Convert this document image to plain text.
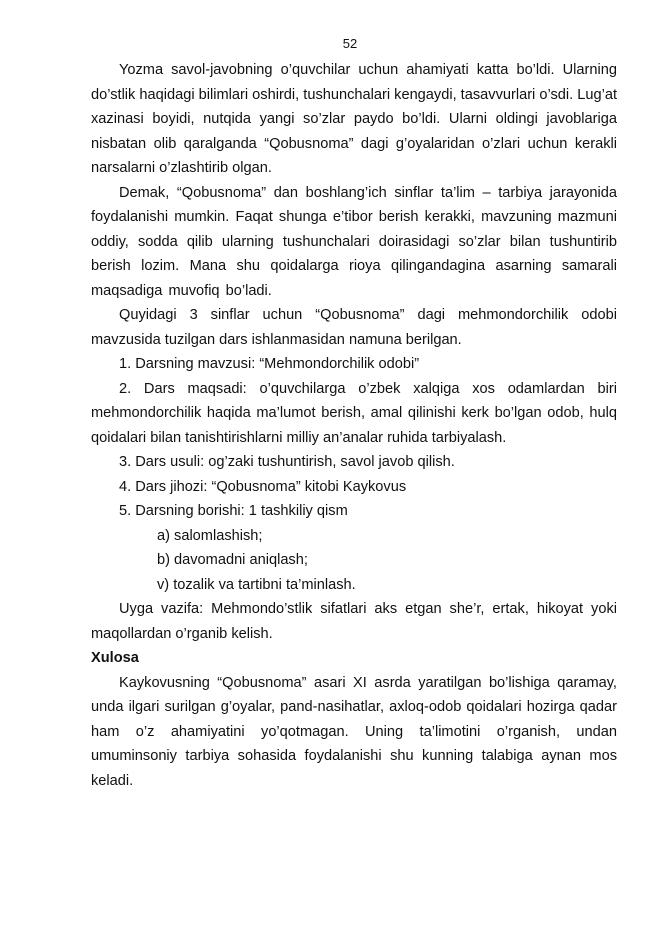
52

Yozma savol-javobning o’quvchilar uchun ahamiyati katta bo’ldi. Ularning do’stlik haqidagi bilimlari oshirdi, tushunchalari kengaydi, tasavvurlari o’sdi. Lug’at xazinasi boyidi, nutqida yangi so’zlar paydo bo’ldi. Ularni oldingi javoblariga nisbatan olib qaralganda “Qobusnoma” dagi g’oyalaridan o’zlari uchun kerakli narsalarni o’zlashtirib olgan.

Demak, “Qobusnoma” dan boshlang’ich sinflar ta’lim – tarbiya jarayonida foydalanishi mumkin. Faqat shunga e’tibor berish kerakki, mavzuning mazmuni oddiy, sodda qilib ularning tushunchalari doirasidagi so’zlar bilan tushuntirib berish lozim. Mana shu qoidalarga rioya qilingandagina asarning samarali maqsadiga muvofiq bo’ladi.

Quyidagi 3 sinflar uchun “Qobusnoma” dagi mehmondorchilik odobi mavzusida tuzilgan dars ishlanmasidan namuna berilgan.

1. Darsning mavzusi: “Mehmondorchilik odobi”

2. Dars maqsadi: o’quvchilarga o’zbek xalqiga xos odamlardan biri mehmondorchilik haqida ma’lumot berish, amal qilinishi kerk bo’lgan odob, hulq qoidalari bilan tanishtirishlarni milliy an’analar ruhida tarbiyalash.

3. Dars usuli: og’zaki tushuntirish, savol javob qilish.

4. Dars jihozi: “Qobusnoma” kitobi Kaykovus

5. Darsning borishi: 1 tashkiliy qism

a) salomlashish;

b) davomadni aniqlash;

v) tozalik va tartibni ta’minlash.

Uyga vazifa: Mehmondo’stlik sifatlari aks etgan she’r, ertak, hikoyat yoki maqollardan o’rganib kelish.

Xulosa

Kaykovusning “Qobusnoma” asari XI asrda yaratilgan bo’lishiga qaramay, unda ilgari surilgan g’oyalar, pand-nasihatlar, axloq-odob qoidalari hozirga qadar ham o’z ahamiyatini yo’qotmagan. Uning ta’limotini o’rganish, undan umuminsoniy tarbiya sohasida foydalanishi shu kunning talabiga aynan mos keladi.
